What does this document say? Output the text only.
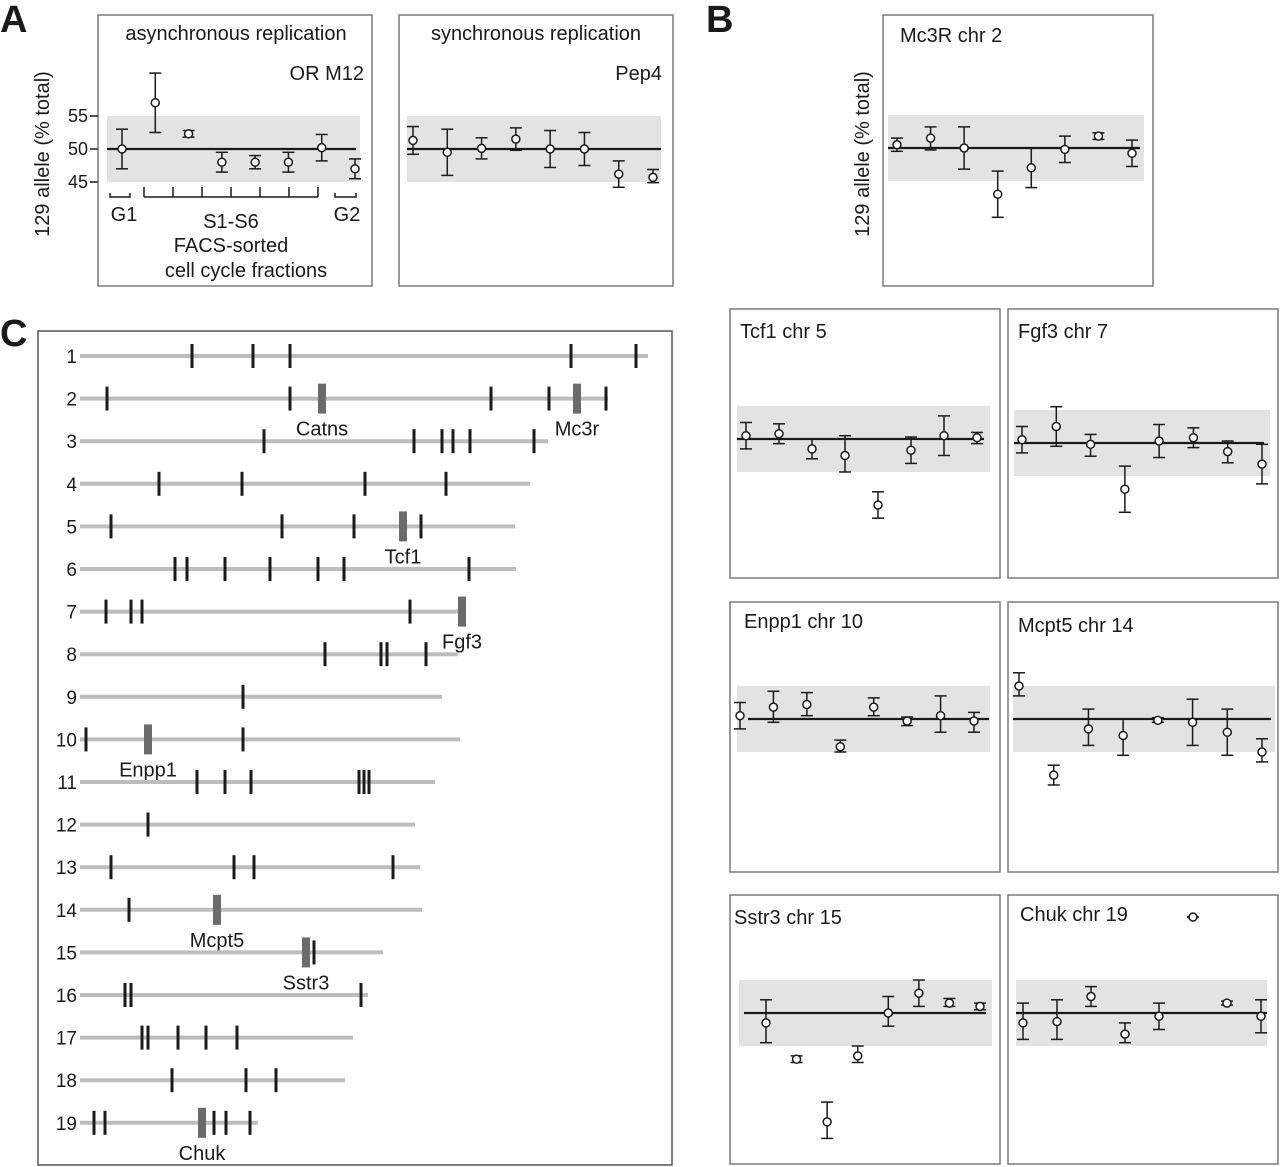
A	B
C
asynchronous replication
OR M12
synchronous replication
Pep4
Mc3R chr 2
55
50
45
129 allele (% total)	129 allele (% total)
G1	S1-S6	G2
FACS-sorted
cell cycle fractions
Tcf1 chr 5	Fgf3 chr 7
Enpp1 chr 10	Mcpt5 chr 14
Sstr3 chr 15	Chuk chr 19
1
2
Catns	Mc3r
3
4
5
Tcf1
6
7
Fgf3
8
9
10
Enpp1
11
12
13
14
Mcpt5
15
Sstr3
16
17
18
19
Chuk
